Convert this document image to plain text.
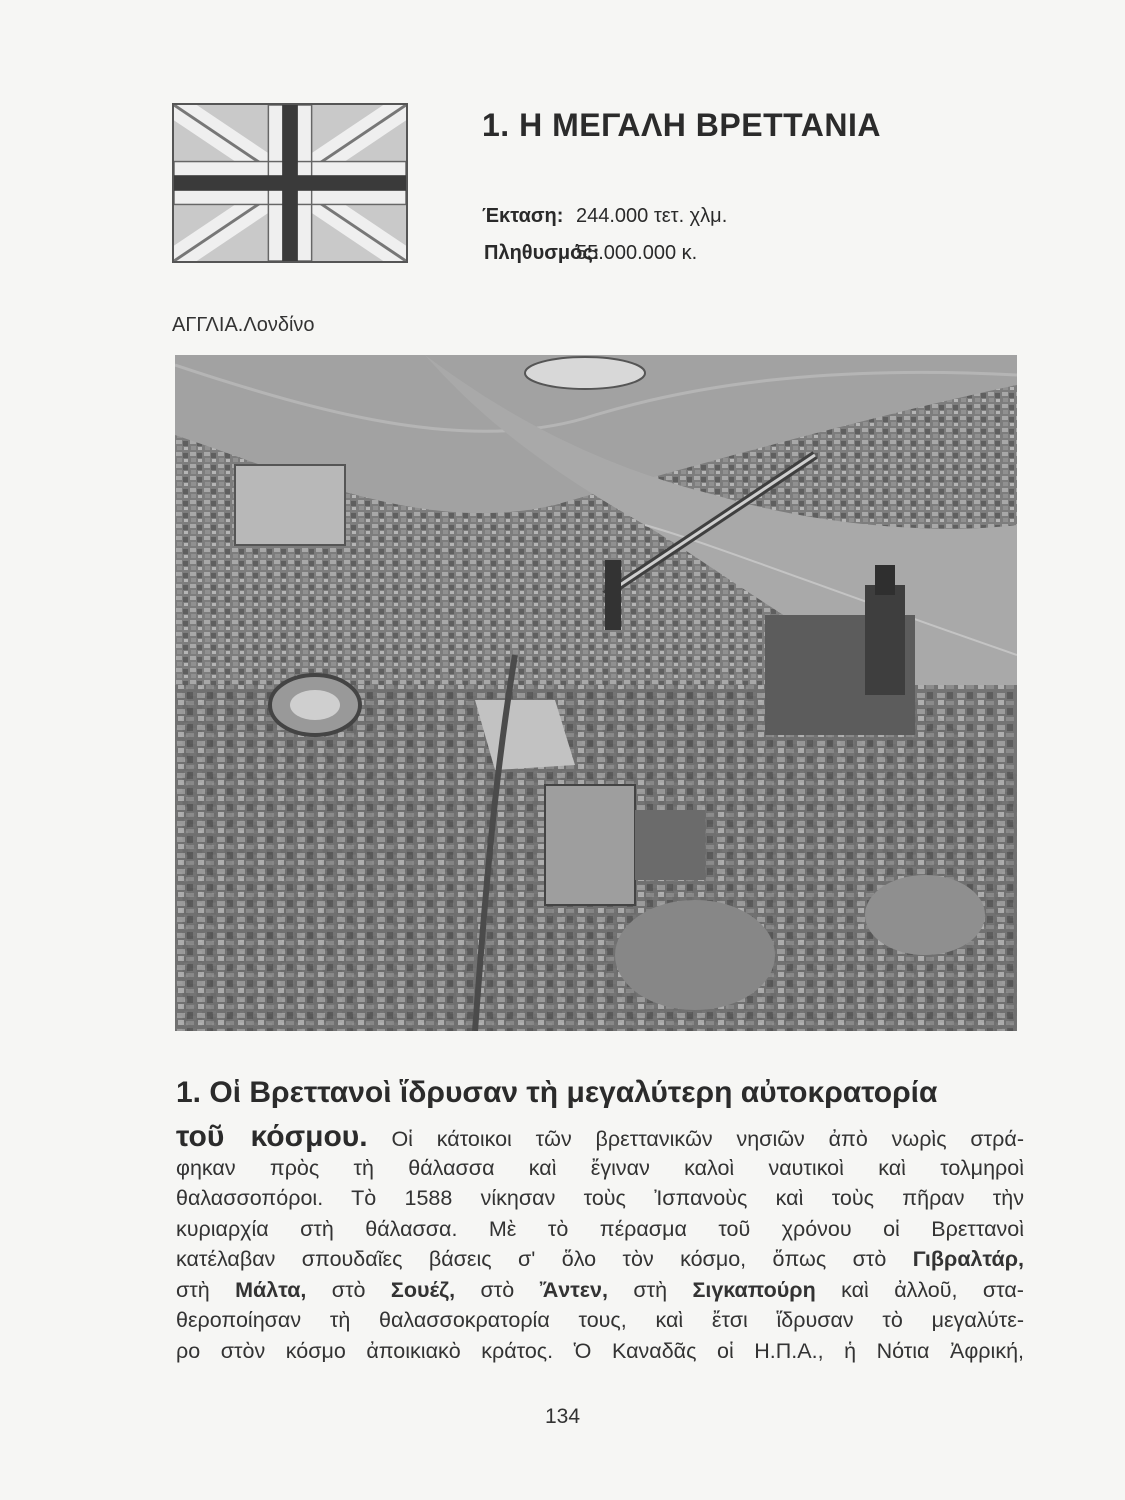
1. Η ΜΕΓΑΛΗ ΒΡΕΤΤΑΝΙΑ
Έκταση: 244.000 τετ. χλμ.
Πληθυσμός:
55.000.000 κ.
ΑΓΓΛΙΑ.Λονδίνο
1. Οἱ Βρεττανοὶ ἵδρυσαν τὴ μεγαλύτερη αὐτοκρατορία
τοῦ κόσμου. Οἱ κάτοικοι τῶν βρεττανικῶν νησιῶν ἀπὸ νωρὶς στρά-
φηκαν πρὸς τὴ θάλασσα καὶ ἔγιναν καλοὶ ναυτικοὶ καὶ τολμηροὶ
θαλασσοπόροι. Τὸ 1588 νίκησαν τοὺς Ἰσπανοὺς καὶ τοὺς πῆραν τὴν
κυριαρχία στὴ θάλασσα. Μὲ τὸ πέρασμα τοῦ χρόνου οἱ Βρεττανοὶ
κατέλαβαν σπουδαῖες βάσεις σ' ὅλο τὸν κόσμο, ὅπως στὸ Γιβραλτάρ,
στὴ Μάλτα, στὸ Σουέζ, στὸ Ἄντεν, στὴ Σιγκαπούρη καὶ ἀλλοῦ, στα-
θεροποίησαν τὴ θαλασσοκρατορία τους, καὶ ἔτσι ἵδρυσαν τὸ μεγαλύτε-
ρο στὸν κόσμο ἀποικιακὸ κράτος. Ὁ Καναδᾶς οἱ Η.Π.Α., ἡ Νότια Ἀφρική,
134
